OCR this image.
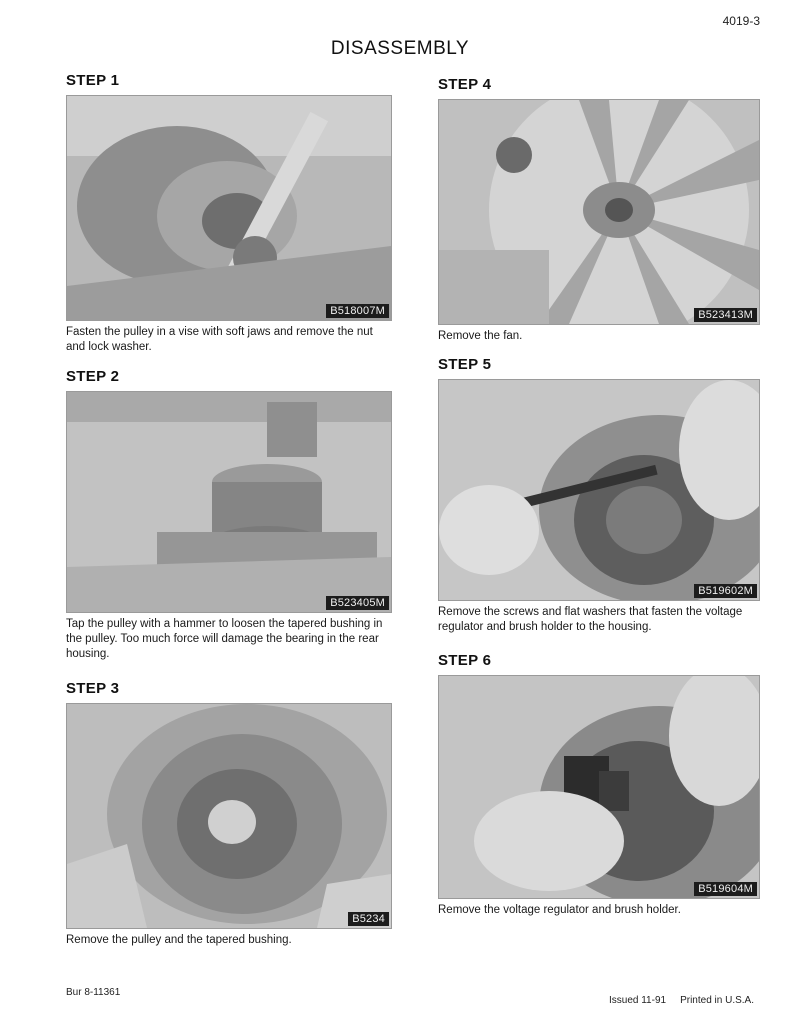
4019-3
DISASSEMBLY
STEP 1
B518007M
Fasten the pulley in a vise with soft jaws and remove the nut and lock washer.
STEP 2
B523405M
Tap the pulley with a hammer to loosen the tapered bushing in the pulley. Too much force will damage the bearing in the rear housing.
STEP 3
B5234
Remove the pulley and the tapered bushing.
STEP 4
B523413M
Remove the fan.
STEP 5
B519602M
Remove the screws and flat washers that fasten the voltage regulator and brush holder to the housing.
STEP 6
B519604M
Remove the voltage regulator and brush holder.
Bur 8-11361
Issued 11-91 Printed in U.S.A.
